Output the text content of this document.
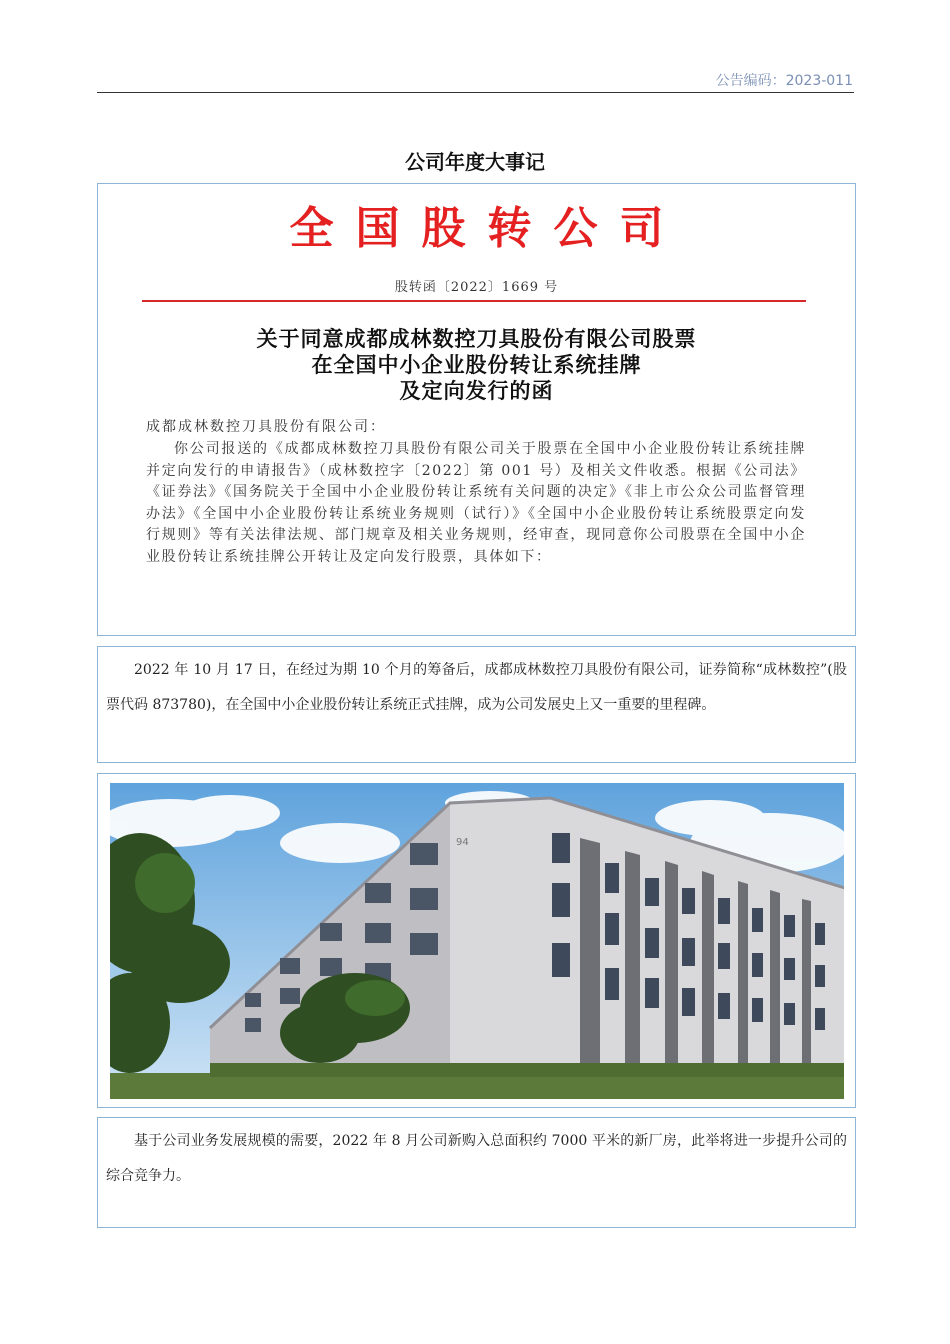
公告编码：2023-011
公司年度大事记
全国股转公司
股转函〔2022〕1669 号
关于同意成都成林数控刀具股份有限公司股票
在全国中小企业股份转让系统挂牌
及定向发行的函
成都成林数控刀具股份有限公司：
你公司报送的《成都成林数控刀具股份有限公司关于股票在全国中小企业股份转让系统挂牌并定向发行的申请报告》（成林数控字〔2022〕第 001 号）及相关文件收悉。根据《公司法》《证券法》《国务院关于全国中小企业股份转让系统有关问题的决定》《非上市公众公司监督管理办法》《全国中小企业股份转让系统业务规则（试行）》《全国中小企业股份转让系统股票定向发行规则》等有关法律法规、部门规章及相关业务规则，经审查，现同意你公司股票在全国中小企业股份转让系统挂牌公开转让及定向发行股票，具体如下：

2022 年 10 月 17 日，在经过为期 10 个月的筹备后，成都成林数控刀具股份有限公司，证券简称“成林数控”(股票代码 873780)，在全国中小企业股份转让系统正式挂牌，成为公司发展史上又一重要的里程碑。

94

基于公司业务发展规模的需要，2022 年 8 月公司新购入总面积约 7000 平米的新厂房，此举将进一步提升公司的综合竞争力。
